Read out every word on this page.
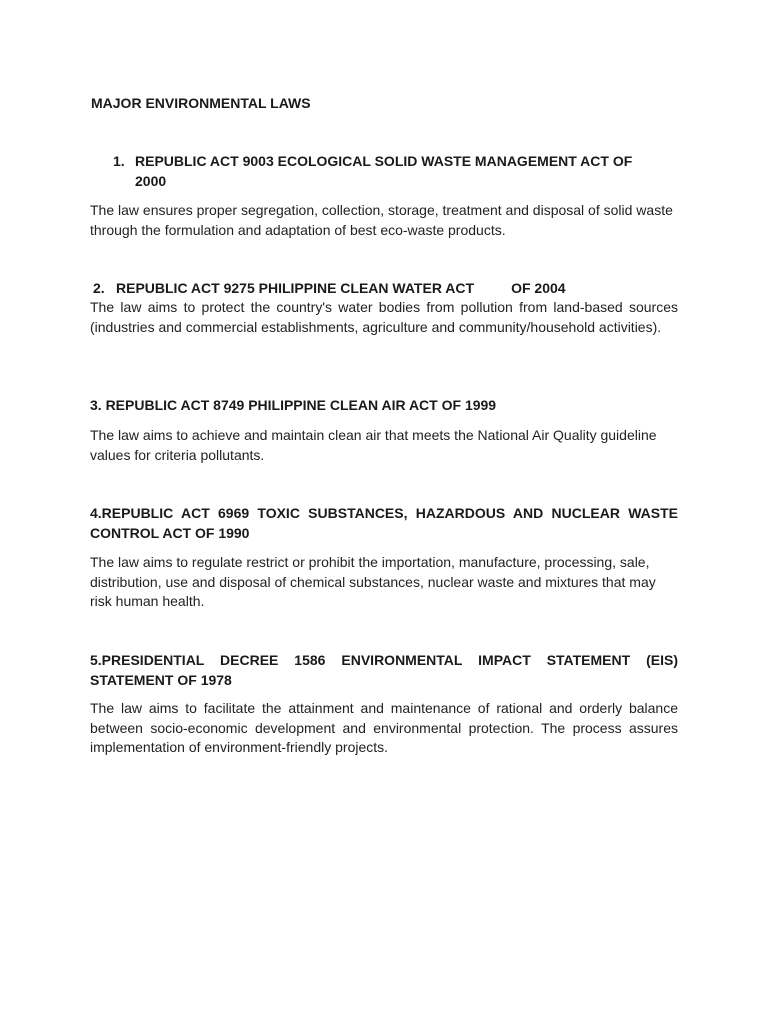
MAJOR ENVIRONMENTAL LAWS
1. REPUBLIC ACT 9003 ECOLOGICAL SOLID WASTE MANAGEMENT ACT OF
2000

The law ensures proper segregation, collection, storage, treatment and disposal of solid waste through the formulation and adaptation of best eco-waste products.

2. REPUBLIC ACT 9275 PHILIPPINE CLEAN WATER ACT	OF 2004

The law aims to protect the country's water bodies from pollution from land-based sources (industries and commercial establishments, agriculture and community/household activities).

3. REPUBLIC ACT 8749 PHILIPPINE CLEAN AIR ACT OF 1999

The law aims to achieve and maintain clean air that meets the National Air Quality guideline values for criteria pollutants.

4.REPUBLIC ACT 6969 TOXIC SUBSTANCES, HAZARDOUS AND NUCLEAR WASTE CONTROL ACT OF 1990

The law aims to regulate restrict or prohibit the importation, manufacture, processing, sale, distribution, use and disposal of chemical substances, nuclear waste and mixtures that may risk human health.

5.PRESIDENTIAL DECREE 1586 ENVIRONMENTAL IMPACT STATEMENT (EIS) STATEMENT OF 1978

The law aims to facilitate the attainment and maintenance of rational and orderly balance between socio-economic development and environmental protection. The process assures implementation of environment-friendly projects.
